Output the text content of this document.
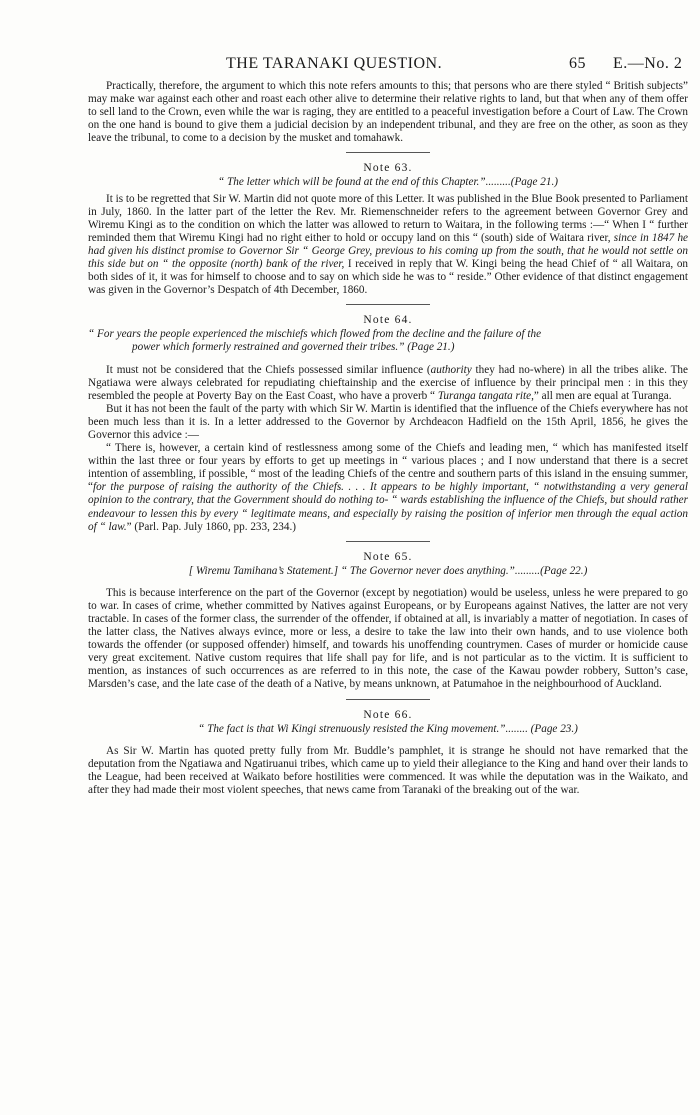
THE TARANAKI QUESTION.	65 E.—No. 2

Practically, therefore, the argument to which this note refers amounts to this; that persons who are there styled “ British subjects” may make war against each other and roast each other alive to determine their relative rights to land, but that when any of them offer to sell land to the Crown, even while the war is raging, they are entitled to a peaceful investigation before a Court of Law. The Crown on the one hand is bound to give them a judicial decision by an independent tribunal, and they are free on the other, as soon as they leave the tribunal, to come to a decision by the musket and tomahawk.

Note 63.

“ The letter which will be found at the end of this Chapter.”.........(Page 21.)

It is to be regretted that Sir W. Martin did not quote more of this Letter. It was published in the Blue Book presented to Parliament in July, 1860. In the latter part of the letter the Rev. Mr. Riemenschneider refers to the agreement between Governor Grey and Wiremu Kingi as to the condition on which the latter was allowed to return to Waitara, in the following terms :—“ When I “ further reminded them that Wiremu Kingi had no right either to hold or occupy land on this “ (south) side of Waitara river, since in 1847 he had given his distinct promise to Governor Sir “ George Grey, previous to his coming up from the south, that he would not settle on this side but on “ the opposite (north) bank of the river, I received in reply that W. Kingi being the head Chief of “ all Waitara, on both sides of it, it was for himself to choose and to say on which side he was to “ reside.” Other evidence of that distinct engagement was given in the Governor’s Despatch of 4th December, 1860.

Note 64.

“ For years the people experienced the mischiefs which flowed from the decline and the failure of the
power which formerly restrained and governed their tribes.” (Page 21.)

It must not be considered that the Chiefs possessed similar influence (authority they had no-where) in all the tribes alike. The Ngatiawa were always celebrated for repudiating chieftainship and the exercise of influence by their principal men : in this they resembled the people at Poverty Bay on the East Coast, who have a proverb “ Turanga tangata rite,” all men are equal at Turanga.

But it has not been the fault of the party with which Sir W. Martin is identified that the influence of the Chiefs everywhere has not been much less than it is. In a letter addressed to the Governor by Archdeacon Hadfield on the 15th April, 1856, he gives the Governor this advice :—

“ There is, however, a certain kind of restlessness among some of the Chiefs and leading men, “ which has manifested itself within the last three or four years by efforts to get up meetings in “ various places ; and I now understand that there is a secret intention of assembling, if possible, “ most of the leading Chiefs of the centre and southern parts of this island in the ensuing summer, “for the purpose of raising the authority of the Chiefs. . . . It appears to be highly important, “ notwithstanding a very general opinion to the contrary, that the Government should do nothing to- “ wards establishing the influence of the Chiefs, but should rather endeavour to lessen this by every “ legitimate means, and especially by raising the position of inferior men through the equal action of “ law.” (Parl. Pap. July 1860, pp. 233, 234.)

Note 65.

[ Wiremu Tamihana’s Statement.] “ The Governor never does anything.”.........(Page 22.)

This is because interference on the part of the Governor (except by negotiation) would be useless, unless he were prepared to go to war. In cases of crime, whether committed by Natives against Europeans, or by Europeans against Natives, the latter are not very tractable. In cases of the former class, the surrender of the offender, if obtained at all, is invariably a matter of negotiation. In cases of the latter class, the Natives always evince, more or less, a desire to take the law into their own hands, and to use violence both towards the offender (or supposed offender) himself, and towards his unoffending countrymen. Cases of murder or homicide cause very great excitement. Native custom requires that life shall pay for life, and is not particular as to the victim. It is sufficient to mention, as instances of such occurrences as are referred to in this note, the case of the Kawau powder robbery, Sutton’s case, Marsden’s case, and the late case of the death of a Native, by means unknown, at Patumahoe in the neighbourhood of Auckland.

Note 66.

“ The fact is that Wi Kingi strenuously resisted the King movement.”........ (Page 23.)

As Sir W. Martin has quoted pretty fully from Mr. Buddle’s pamphlet, it is strange he should not have remarked that the deputation from the Ngatiawa and Ngatiruanui tribes, which came up to yield their allegiance to the King and hand over their lands to the League, had been received at Waikato before hostilities were commenced. It was while the deputation was in the Waikato, and after they had made their most violent speeches, that news came from Taranaki of the breaking out of the war.
